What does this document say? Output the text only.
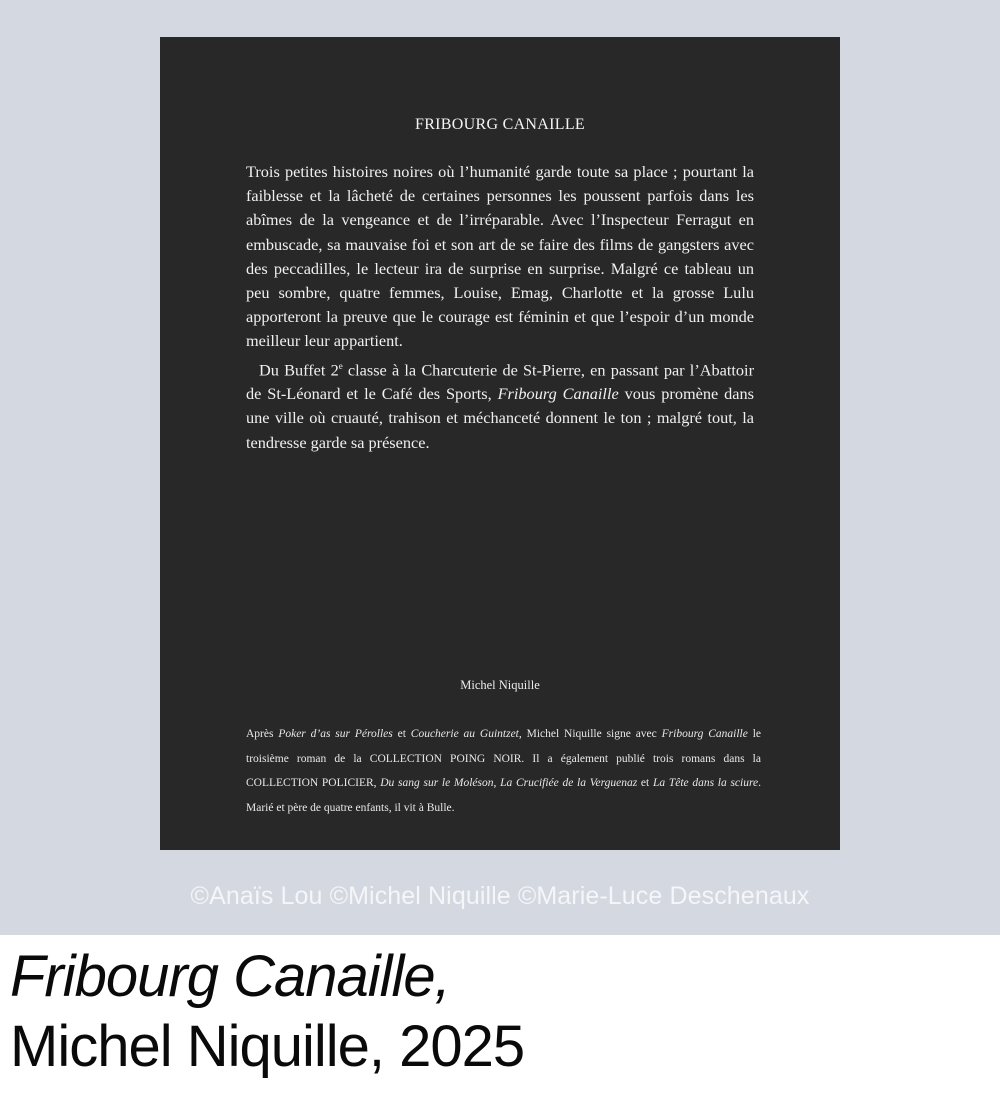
FRIBOURG CANAILLE

Trois petites histoires noires où l’humanité garde toute sa place ; pourtant la faiblesse et la lâcheté de certaines personnes les poussent parfois dans les abîmes de la vengeance et de l’irréparable. Avec l’Inspecteur Ferragut en embuscade, sa mauvaise foi et son art de se faire des films de gangsters avec des peccadilles, le lecteur ira de surprise en surprise. Malgré ce tableau un peu sombre, quatre femmes, Louise, Emag, Charlotte et la grosse Lulu apporteront la preuve que le courage est féminin et que l’espoir d’un monde meilleur leur appartient.

Du Buffet 2e classe à la Charcuterie de St-Pierre, en passant par l’Abattoir de St-Léonard et le Café des Sports, Fribourg Canaille vous promène dans une ville où cruauté, trahison et méchanceté donnent le ton ; malgré tout, la tendresse garde sa présence.

Michel Niquille
Après Poker d’as sur Pérolles et Coucherie au Guintzet, Michel Niquille signe avec Fribourg Canaille le troisième roman de la COLLECTION POING NOIR. Il a également publié trois romans dans la COLLECTION POLICIER, Du sang sur le Moléson, La Crucifiée de la Verguenaz et La Tête dans la sciure. Marié et père de quatre enfants, il vit à Bulle.
©Anaïs Lou ©Michel Niquille ©Marie-Luce Deschenaux
Fribourg Canaille,
Michel Niquille, 2025
